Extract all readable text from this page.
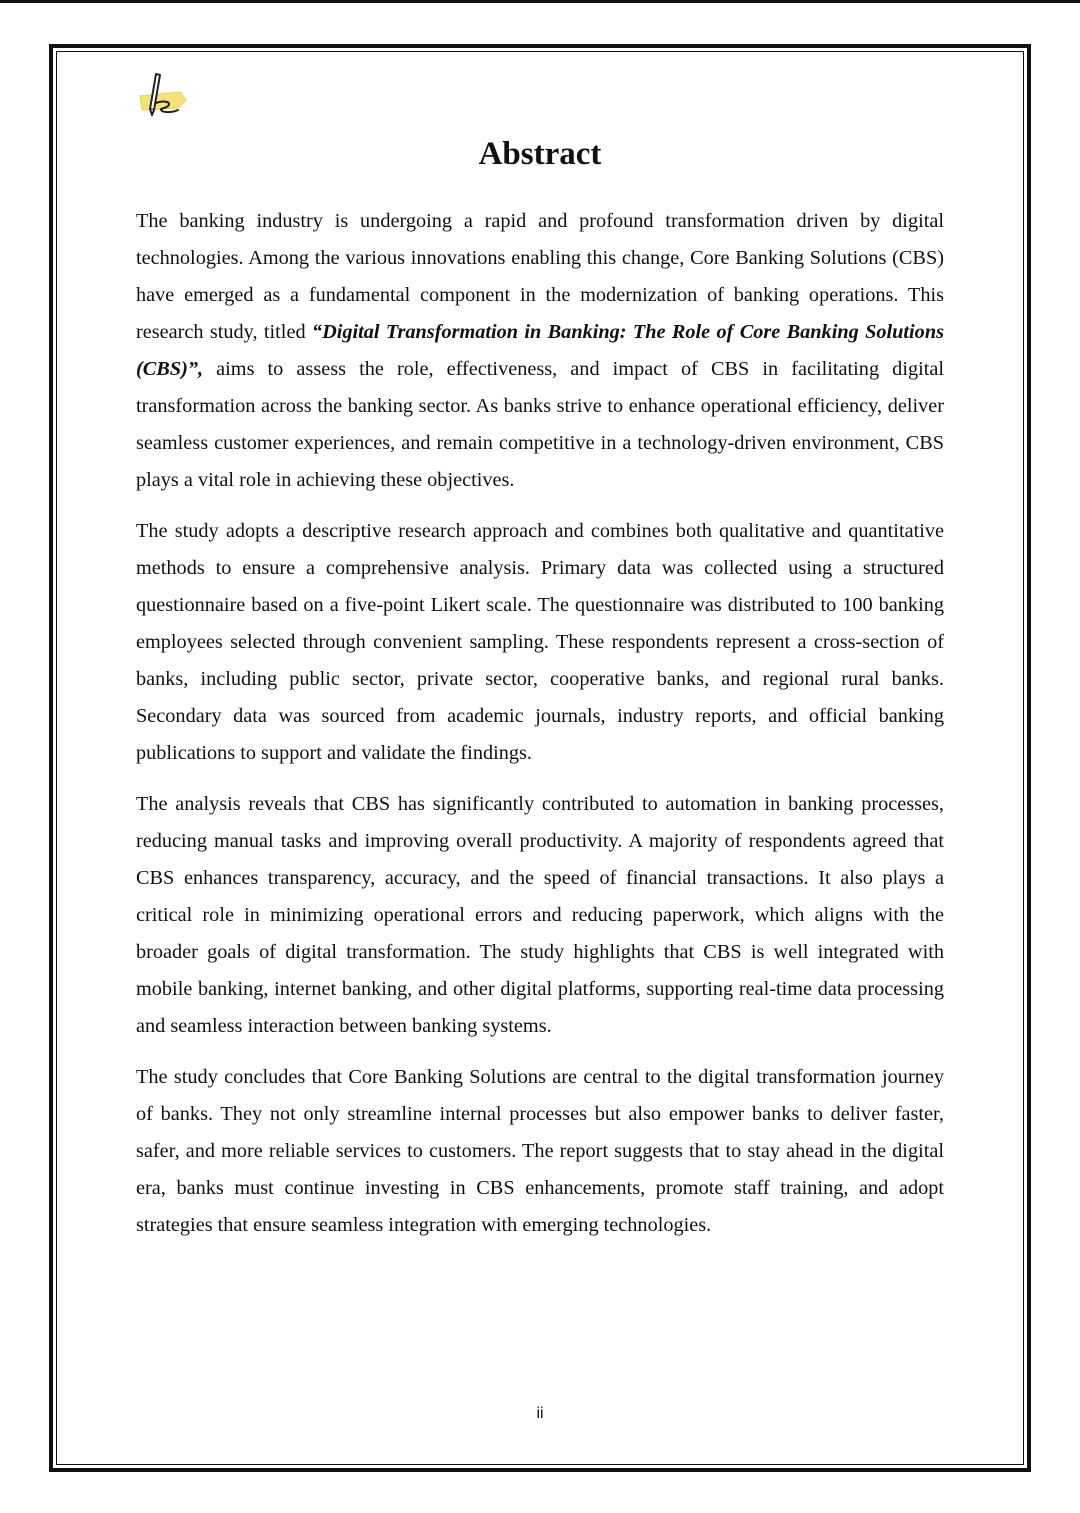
Abstract

The banking industry is undergoing a rapid and profound transformation driven by digital technologies. Among the various innovations enabling this change, Core Banking Solutions (CBS) have emerged as a fundamental component in the modernization of banking operations. This research study, titled “Digital Transformation in Banking: The Role of Core Banking Solutions (CBS)”, aims to assess the role, effectiveness, and impact of CBS in facilitating digital transformation across the banking sector. As banks strive to enhance operational efficiency, deliver seamless customer experiences, and remain competitive in a technology-driven environment, CBS plays a vital role in achieving these objectives.

The study adopts a descriptive research approach and combines both qualitative and quantitative methods to ensure a comprehensive analysis. Primary data was collected using a structured questionnaire based on a five-point Likert scale. The questionnaire was distributed to 100 banking employees selected through convenient sampling. These respondents represent a cross-section of banks, including public sector, private sector, cooperative banks, and regional rural banks. Secondary data was sourced from academic journals, industry reports, and official banking publications to support and validate the findings.

The analysis reveals that CBS has significantly contributed to automation in banking processes, reducing manual tasks and improving overall productivity. A majority of respondents agreed that CBS enhances transparency, accuracy, and the speed of financial transactions. It also plays a critical role in minimizing operational errors and reducing paperwork, which aligns with the broader goals of digital transformation. The study highlights that CBS is well integrated with mobile banking, internet banking, and other digital platforms, supporting real-time data processing and seamless interaction between banking systems.

The study concludes that Core Banking Solutions are central to the digital transformation journey of banks. They not only streamline internal processes but also empower banks to deliver faster, safer, and more reliable services to customers. The report suggests that to stay ahead in the digital era, banks must continue investing in CBS enhancements, promote staff training, and adopt strategies that ensure seamless integration with emerging technologies.

ii
